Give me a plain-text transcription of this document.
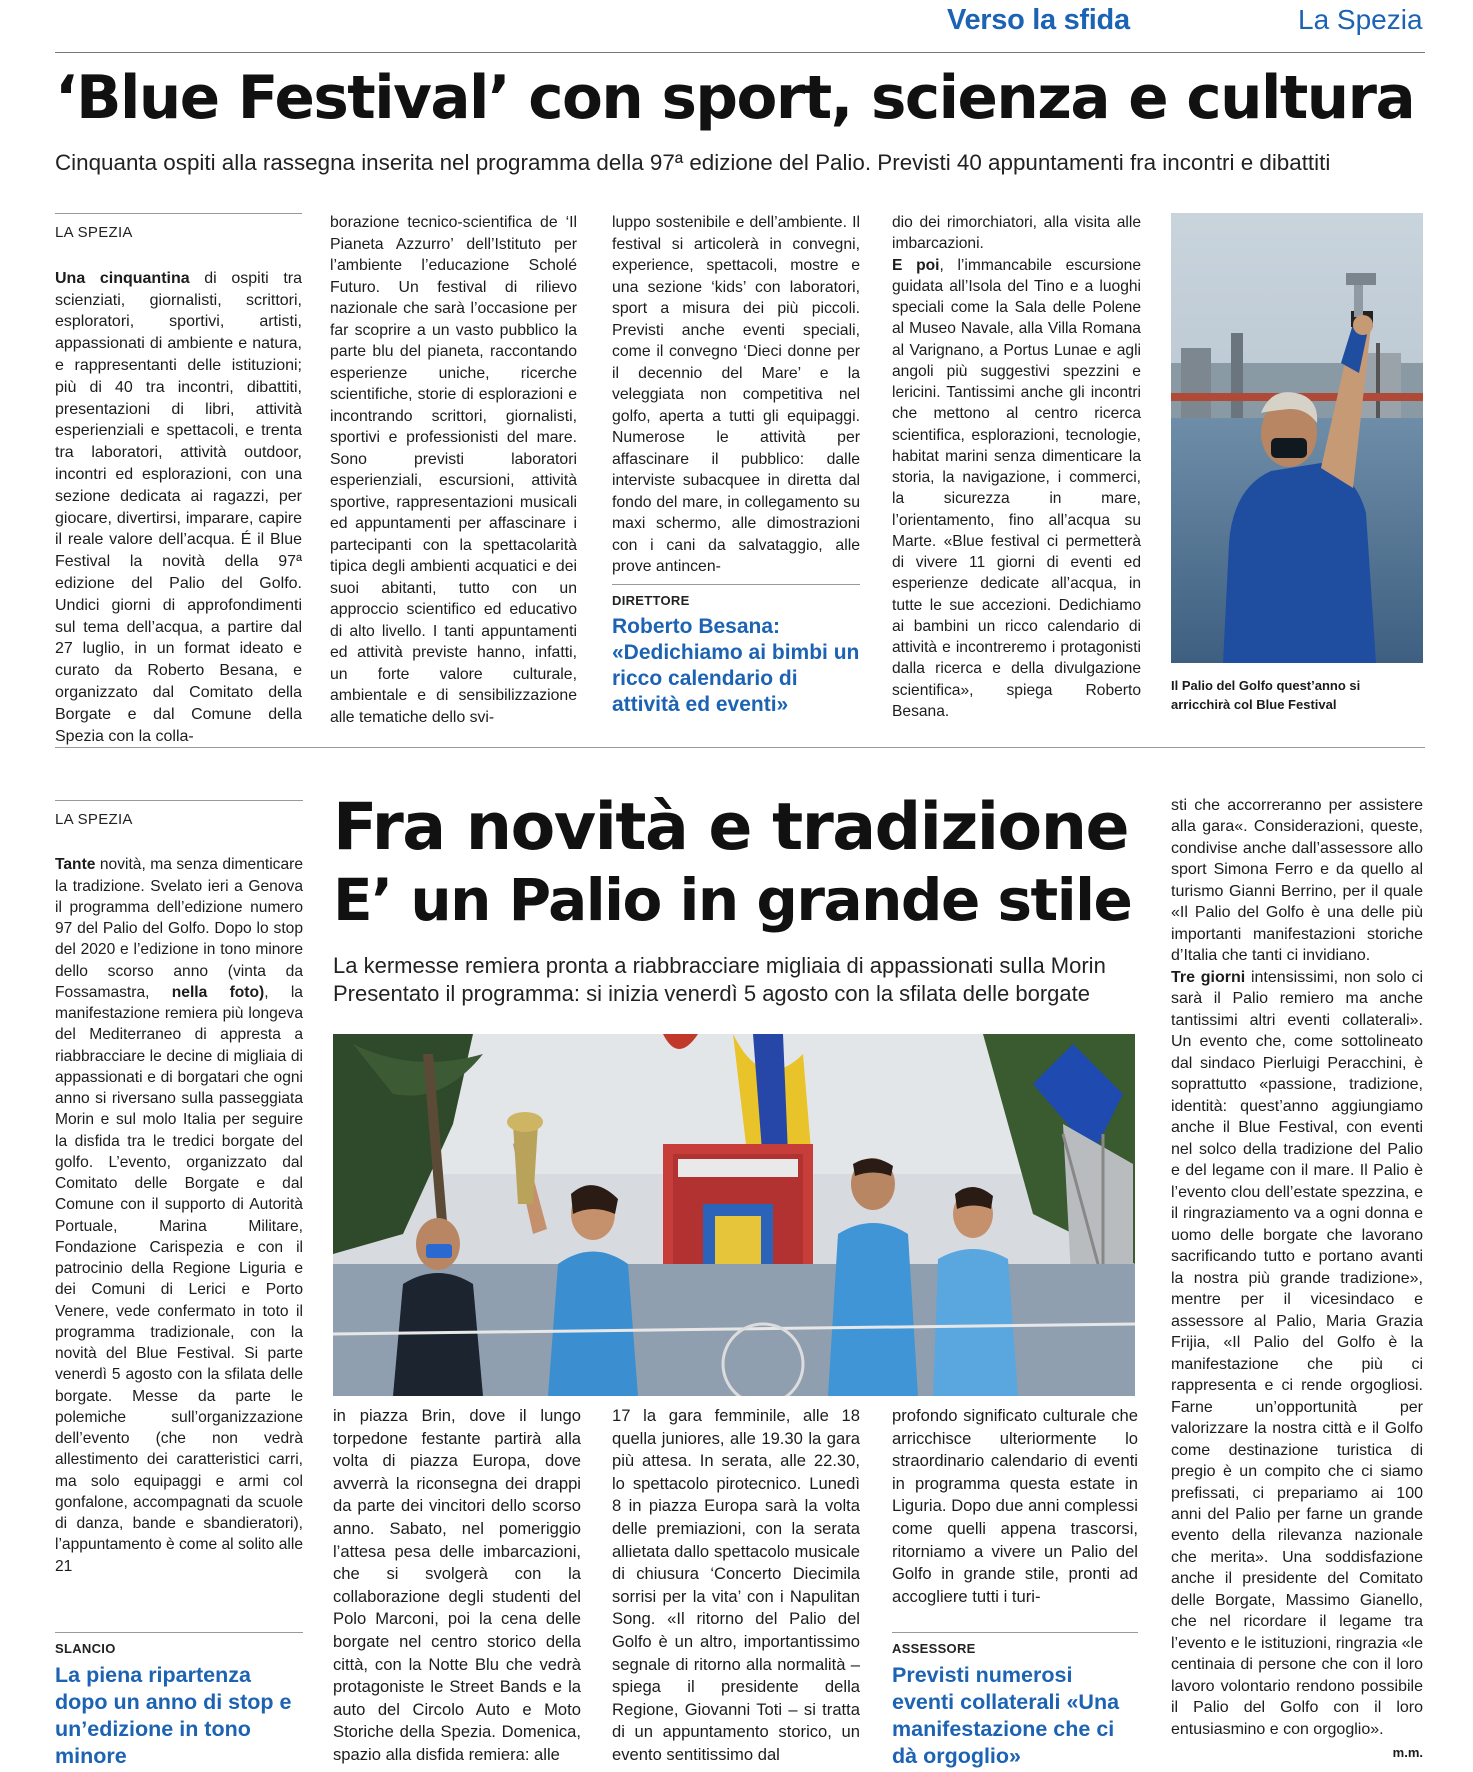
Verso la sfida	La Spezia
‘Blue Festival’ con sport, scienza e cultura
Cinquanta ospiti alla rassegna inserita nel programma della 97ª edizione del Palio. Previsti 40 appuntamenti fra incontri e dibattiti
LA SPEZIA

Una cinquantina di ospiti tra scienziati, giornalisti, scrittori, esploratori, sportivi, artisti, appassionati di ambiente e natura, e rappresentanti delle istituzioni; più di 40 tra incontri, dibattiti, presentazioni di libri, attività esperienziali e spettacoli, e trenta tra laboratori, attività outdoor, incontri ed esplorazioni, con una sezione dedicata ai ragazzi, per giocare, divertirsi, imparare, capire il reale valore dell’acqua. É il Blue Festival la novità della 97ª edizione del Palio del Golfo. Undici giorni di approfondimenti sul tema dell’acqua, a partire dal 27 luglio, in un format ideato e curato da Roberto Besana, e organizzato dal Comitato della Borgate e dal Comune della Spezia con la colla-

borazione tecnico-scientifica de ‘Il Pianeta Azzurro’ dell’Istituto per l’ambiente l’educazione Scholé Futuro. Un festival di rilievo nazionale che sarà l’occasione per far scoprire a un vasto pubblico la parte blu del pianeta, raccontando esperienze uniche, ricerche scientifiche, storie di esplorazioni e incontrando scrittori, giornalisti, sportivi e professionisti del mare. Sono previsti laboratori esperienziali, escursioni, attività sportive, rappresentazioni musicali ed appuntamenti per affascinare i partecipanti con la spettacolarità tipica degli ambienti acquatici e dei suoi abitanti, tutto con un approccio scientifico ed educativo di alto livello. I tanti appuntamenti ed attività previste hanno, infatti, un forte valore culturale, ambientale e di sensibilizzazione alle tematiche dello svi-

luppo sostenibile e dell’ambiente. Il festival si articolerà in convegni, experience, spettacoli, mostre e una sezione ‘kids’ con laboratori, sport a misura dei più piccoli. Previsti anche eventi speciali, come il convegno ‘Dieci donne per il decennio del Mare’ e la veleggiata non competitiva nel golfo, aperta a tutti gli equipaggi. Numerose le attività per affascinare il pubblico: dalle interviste subacquee in diretta dal fondo del mare, in collegamento su maxi schermo, alle dimostrazioni con i cani da salvataggio, alle prove antincen-

DIRETTORE
Roberto Besana: «Dedichiamo ai bimbi un ricco calendario di attività ed eventi»

dio dei rimorchiatori, alla visita alle imbarcazioni.
E poi, l’immancabile escursione guidata all’Isola del Tino e a luoghi speciali come la Sala delle Polene al Museo Navale, alla Villa Romana al Varignano, a Portus Lunae e agli angoli più suggestivi spezzini e lericini. Tantissimi anche gli incontri che mettono al centro ricerca scientifica, esplorazioni, tecnologie, habitat marini senza dimenticare la storia, la navigazione, i commerci, la sicurezza in mare, l’orientamento, fino all’acqua su Marte. «Blue festival ci permetterà di vivere 11 giorni di eventi ed esperienze dedicate all’acqua, in tutte le sue accezioni. Dedichiamo ai bambini un ricco calendario di attività e incontreremo i protagonisti dalla ricerca e della divulgazione scientifica», spiega Roberto Besana.

Il Palio del Golfo quest’anno si arricchirà col Blue Festival
LA SPEZIA

Tante novità, ma senza dimenticare la tradizione. Svelato ieri a Genova il programma dell’edizione numero 97 del Palio del Golfo. Dopo lo stop del 2020 e l’edizione in tono minore dello scorso anno (vinta da Fossamastra, nella foto), la manifestazione remiera più longeva del Mediterraneo di appresta a riabbracciare le decine di migliaia di appassionati e di borgatari che ogni anno si riversano sulla passeggiata Morin e sul molo Italia per seguire la disfida tra le tredici borgate del golfo. L’evento, organizzato dal Comitato delle Borgate e dal Comune con il supporto di Autorità Portuale, Marina Militare, Fondazione Carispezia e con il patrocinio della Regione Liguria e dei Comuni di Lerici e Porto Venere, vede confermato in toto il programma tradizionale, con la novità del Blue Festival. Si parte venerdì 5 agosto con la sfilata delle borgate. Messe da parte le polemiche sull’organizzazione dell’evento (che non vedrà allestimento dei caratteristici carri, ma solo equipaggi e armi col gonfalone, accompagnati da scuole di danza, bande e sbandieratori), l’appuntamento è come al solito alle 21

SLANCIO
La piena ripartenza dopo un anno di stop e un’edizione in tono minore
Fra novità e tradizione
E’ un Palio in grande stile
La kermesse remiera pronta a riabbracciare migliaia di appassionati sulla Morin
Presentato il programma: si inizia venerdì 5 agosto con la sfilata delle borgate

in piazza Brin, dove il lungo torpedone festante partirà alla volta di piazza Europa, dove avverrà la riconsegna dei drappi da parte dei vincitori dello scorso anno. Sabato, nel pomeriggio l’attesa pesa delle imbarcazioni, che si svolgerà con la collaborazione degli studenti del Polo Marconi, poi la cena delle borgate nel centro storico della città, con la Notte Blu che vedrà protagoniste le Street Bands e la auto del Circolo Auto e Moto Storiche della Spezia. Domenica, spazio alla disfida remiera: alle

17 la gara femminile, alle 18 quella juniores, alle 19.30 la gara più attesa. In serata, alle 22.30, lo spettacolo pirotecnico. Lunedì 8 in piazza Europa sarà la volta delle premiazioni, con la serata allietata dallo spettacolo musicale di chiusura ‘Concerto Diecimila sorrisi per la vita’ con i Napulitan Song. «Il ritorno del Palio del Golfo è un altro, importantissimo segnale di ritorno alla normalità – spiega il presidente della Regione, Giovanni Toti – si tratta di un appuntamento storico, un evento sentitissimo dal

profondo significato culturale che arricchisce ulteriormente lo straordinario calendario di eventi in programma questa estate in Liguria. Dopo due anni complessi come quelli appena trascorsi, ritorniamo a vivere un Palio del Golfo in grande stile, pronti ad accogliere tutti i turi-

ASSESSORE
Previsti numerosi eventi collaterali «Una manifestazione che ci dà orgoglio»

sti che accorreranno per assistere alla gara«. Considerazioni, queste, condivise anche dall’assessore allo sport Simona Ferro e da quello al turismo Gianni Berrino, per il quale «Il Palio del Golfo è una delle più importanti manifestazioni storiche d’Italia che tanti ci invidiano.
Tre giorni intensissimi, non solo ci sarà il Palio remiero ma anche tantissimi altri eventi collaterali». Un evento che, come sottolineato dal sindaco Pierluigi Peracchini, è soprattutto «passione, tradizione, identità: quest’anno aggiungiamo anche il Blue Festival, con eventi nel solco della tradizione del Palio e del legame con il mare. Il Palio è l’evento clou dell’estate spezzina, e il ringraziamento va a ogni donna e uomo delle borgate che lavorano sacrificando tutto e portano avanti la nostra più grande tradizione», mentre per il vicesindaco e assessore al Palio, Maria Grazia Frijia, «Il Palio del Golfo è la manifestazione che più ci rappresenta e ci rende orgogliosi. Farne un’opportunità per valorizzare la nostra città e il Golfo come destinazione turistica di pregio è un compito che ci siamo prefissati, ci prepariamo ai 100 anni del Palio per farne un grande evento della rilevanza nazionale che merita». Una soddisfazione anche il presidente del Comitato delle Borgate, Massimo Gianello, che nel ricordare il legame tra l’evento e le istituzioni, ringrazia «le centinaia di persone che con il loro lavoro volontario rendono possibile il Palio del Golfo con il loro entusiasmino e con orgoglio».

m.m.
